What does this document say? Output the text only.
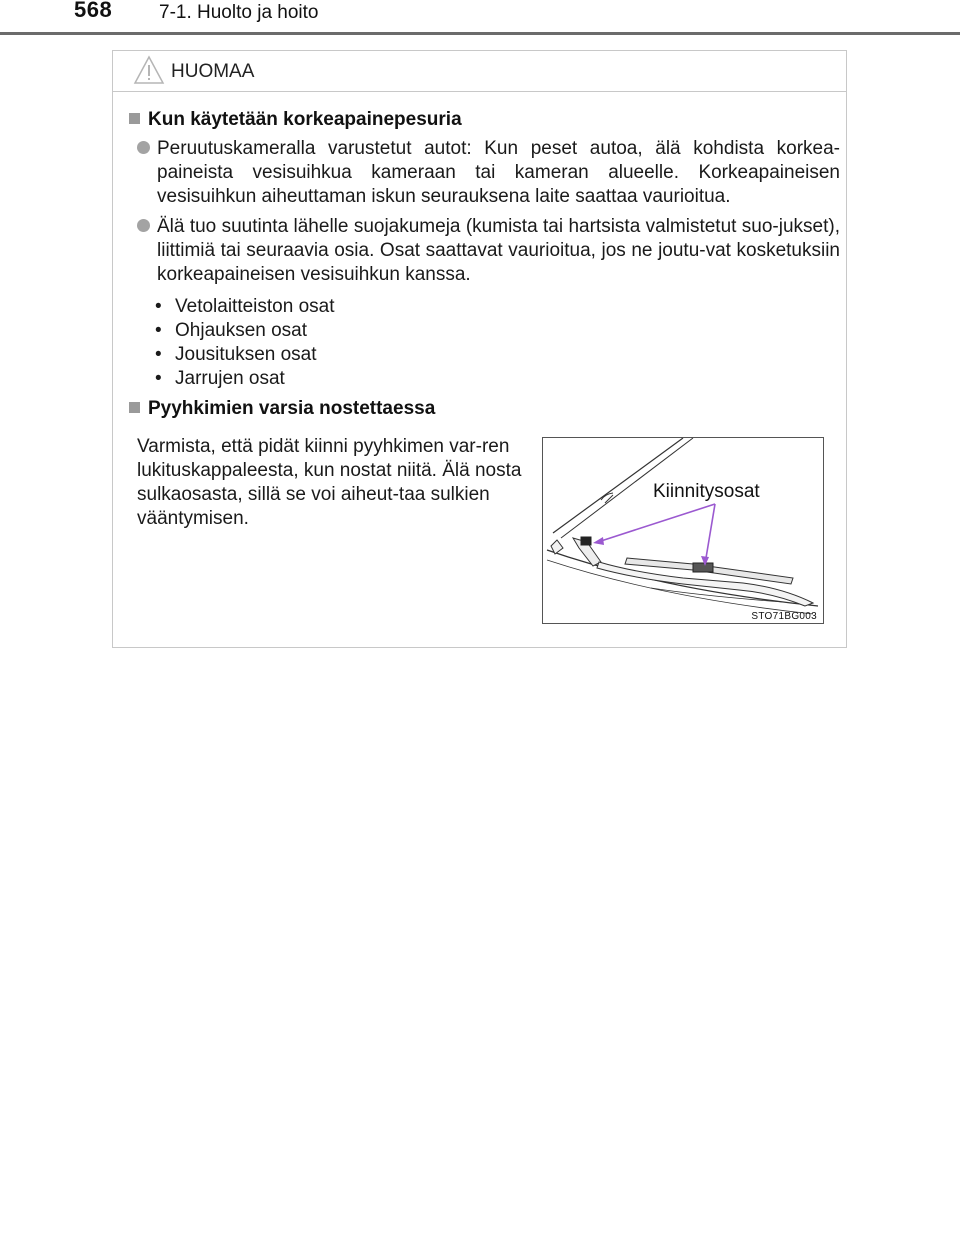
568 7-1. Huolto ja hoito
HUOMAA
Kun käytetään korkeapainepesuria
Peruutuskameralla varustetut autot: Kun peset autoa, älä kohdista korkea-paineista vesisuihkua kameraan tai kameran alueelle. Korkeapaineisen vesisuihkun aiheuttaman iskun seurauksena laite saattaa vaurioitua.
Älä tuo suutinta lähelle suojakumeja (kumista tai hartsista valmistetut suo-jukset), liittimiä tai seuraavia osia. Osat saattavat vaurioitua, jos ne joutu-vat kosketuksiin korkeapaineisen vesisuihkun kanssa.
• Vetolaitteiston osat
• Ohjauksen osat
• Jousituksen osat
• Jarrujen osat
Pyyhkimien varsia nostettaessa
Varmista, että pidät kiinni pyyhkimen var-ren lukituskappaleesta, kun nostat niitä. Älä nosta sulkaosasta, sillä se voi aiheut-taa sulkien vääntymisen.
Kiinnitysosat
STO71BG003
